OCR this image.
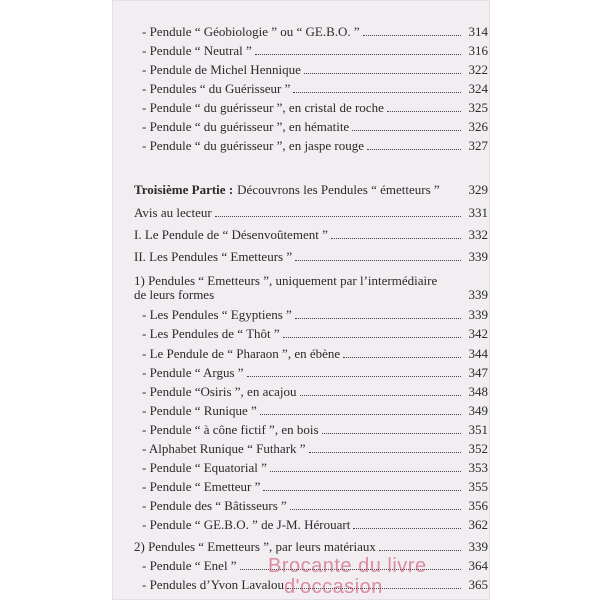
- Pendule “ Géobiologie ” ou “ GE.B.O. ”	314
- Pendule “ Neutral ”	316
- Pendule de Michel Hennique	322
- Pendules “ du Guérisseur ”	324
- Pendule “ du guérisseur ”, en cristal de roche	325
- Pendule “ du guérisseur ”, en hématite	326
- Pendule “ du guérisseur ”, en jaspe rouge	327
Troisième Partie : Découvrons les Pendules “ émetteurs ” 329
Avis au lecteur	331
I. Le Pendule de “ Désenvoûtement ”	332
II. Les Pendules “ Emetteurs ”	339
1) Pendules “ Emetteurs ”, uniquement par l’intermédiaire
de leurs formes	339
- Les Pendules “ Egyptiens ”	339
- Les Pendules de “ Thôt ”	342
- Le Pendule de “ Pharaon ”, en ébène	344
- Pendule “ Argus ”	347
- Pendule “Osiris ”, en acajou	348
- Pendule “ Runique ”	349
- Pendule “ à cône fictif ”, en bois	351
- Alphabet Runique “ Futhark ”	352
- Pendule “ Equatorial ”	353
- Pendule “ Emetteur ”	355
- Pendule des “ Bâtisseurs ”	356
- Pendule “ GE.B.O. ” de J-M. Hérouart	362
2) Pendules “ Emetteurs ”, par leurs matériaux	339
- Pendule “ Enel ”	364
- Pendules d’Yvon Lavalou	365
Brocante du livre
d'occasion
